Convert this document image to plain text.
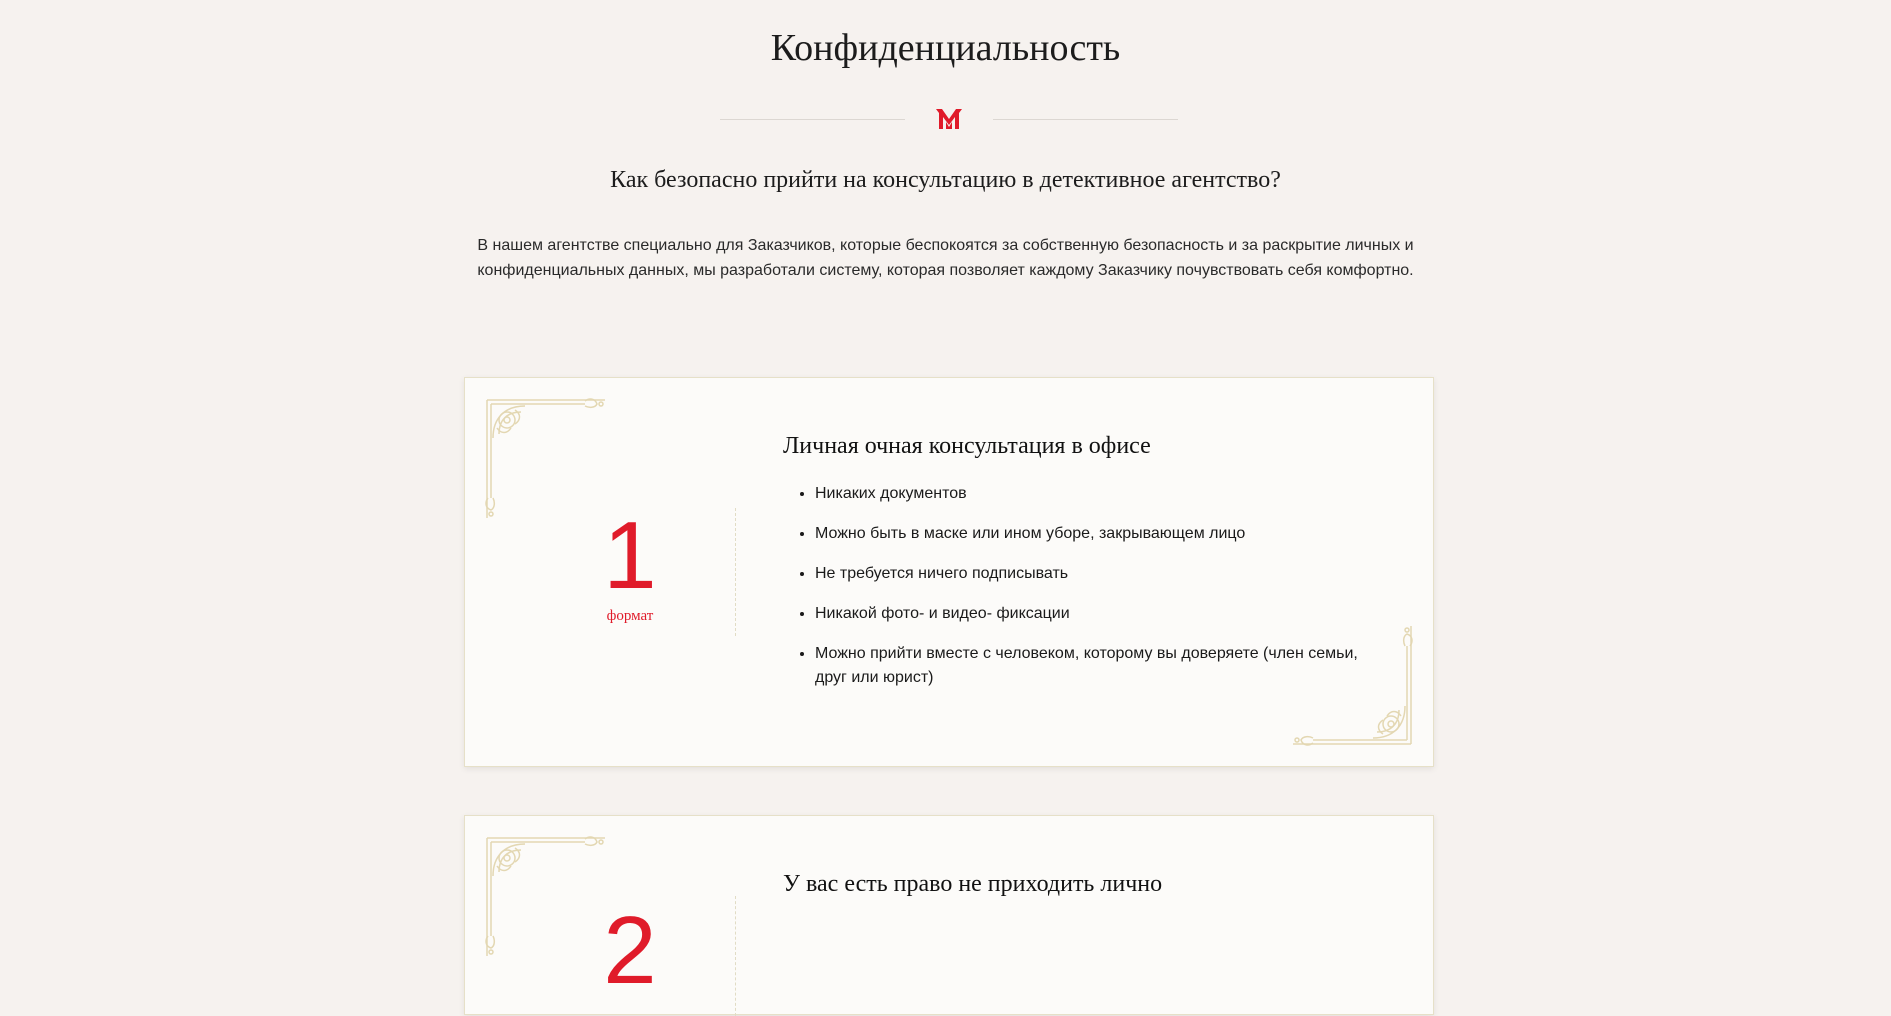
Конфиденциальность
Как безопасно прийти на консультацию в детективное агентство?

В нашем агентстве специально для Заказчиков, которые беспокоятся за собственную безопасность и за раскрытие личных и конфиденциальных данных, мы разработали систему, которая позволяет каждому Заказчику почувствовать себя комфортно.

1
формат
Личная очная консультация в офисе
• Никаких документов
• Можно быть в маске или ином уборе, закрывающем лицо
• Не требуется ничего подписывать
• Никакой фото- и видео- фиксации
• Можно прийти вместе с человеком, которому вы доверяете (член семьи, друг или юрист)
2
У вас есть право не приходить лично
